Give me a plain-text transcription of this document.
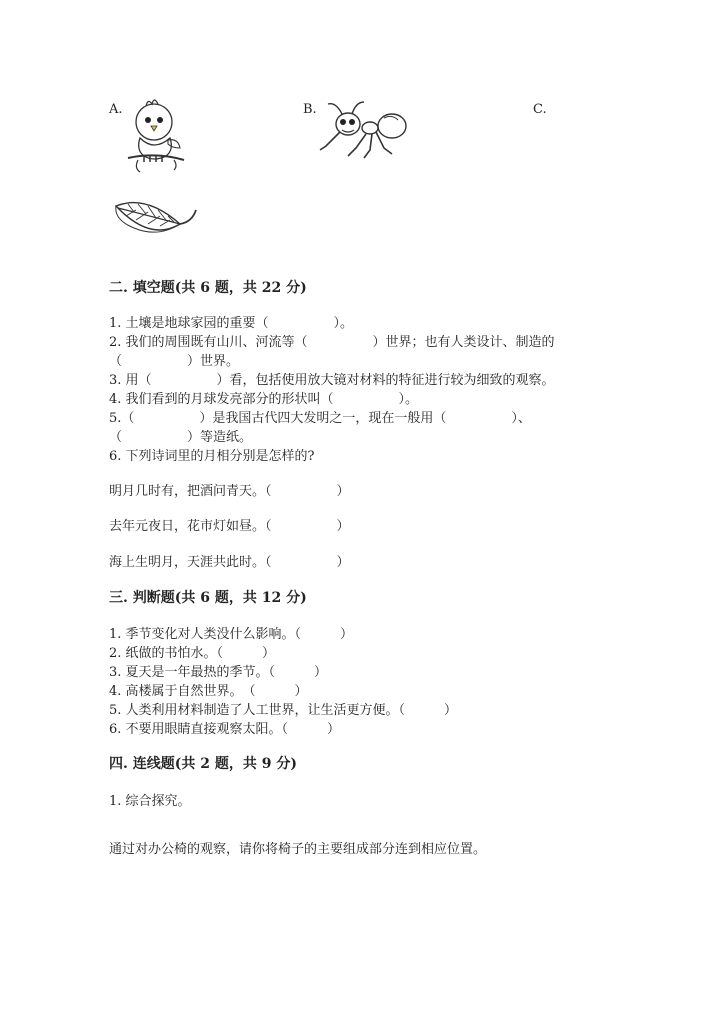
A.	B.	C.
二. 填空题(共 6 题，共 22 分)
1. 土壤是地球家园的重要（　　　　　）。
2. 我们的周围既有山川、河流等（　　　　　）世界；也有人类设计、制造的
（　　　　　）世界。
3. 用（　　　　　）看，包括使用放大镜对材料的特征进行较为细致的观察。
4. 我们看到的月球发亮部分的形状叫（　　　　　）。
5.（　　　　　）是我国古代四大发明之一，现在一般用（　　　　　）、
（　　　　　）等造纸。
6. 下列诗词里的月相分别是怎样的?
明月几时有，把酒问青天。（　　　　　）
去年元夜日，花市灯如昼。（　　　　　）
海上生明月，天涯共此时。（　　　　　）
三. 判断题(共 6 题，共 12 分)
1. 季节变化对人类没什么影响。（　　　）
2. 纸做的书怕水。（　　　）
3. 夏天是一年最热的季节。（　　　）
4. 高楼属于自然世界。　（　　　）
5. 人类利用材料制造了人工世界，让生活更方便。（　　　）
6. 不要用眼睛直接观察太阳。（　　　）
四. 连线题(共 2 题，共 9 分)
1. 综合探究。
通过对办公椅的观察，请你将椅子的主要组成部分连到相应位置。
